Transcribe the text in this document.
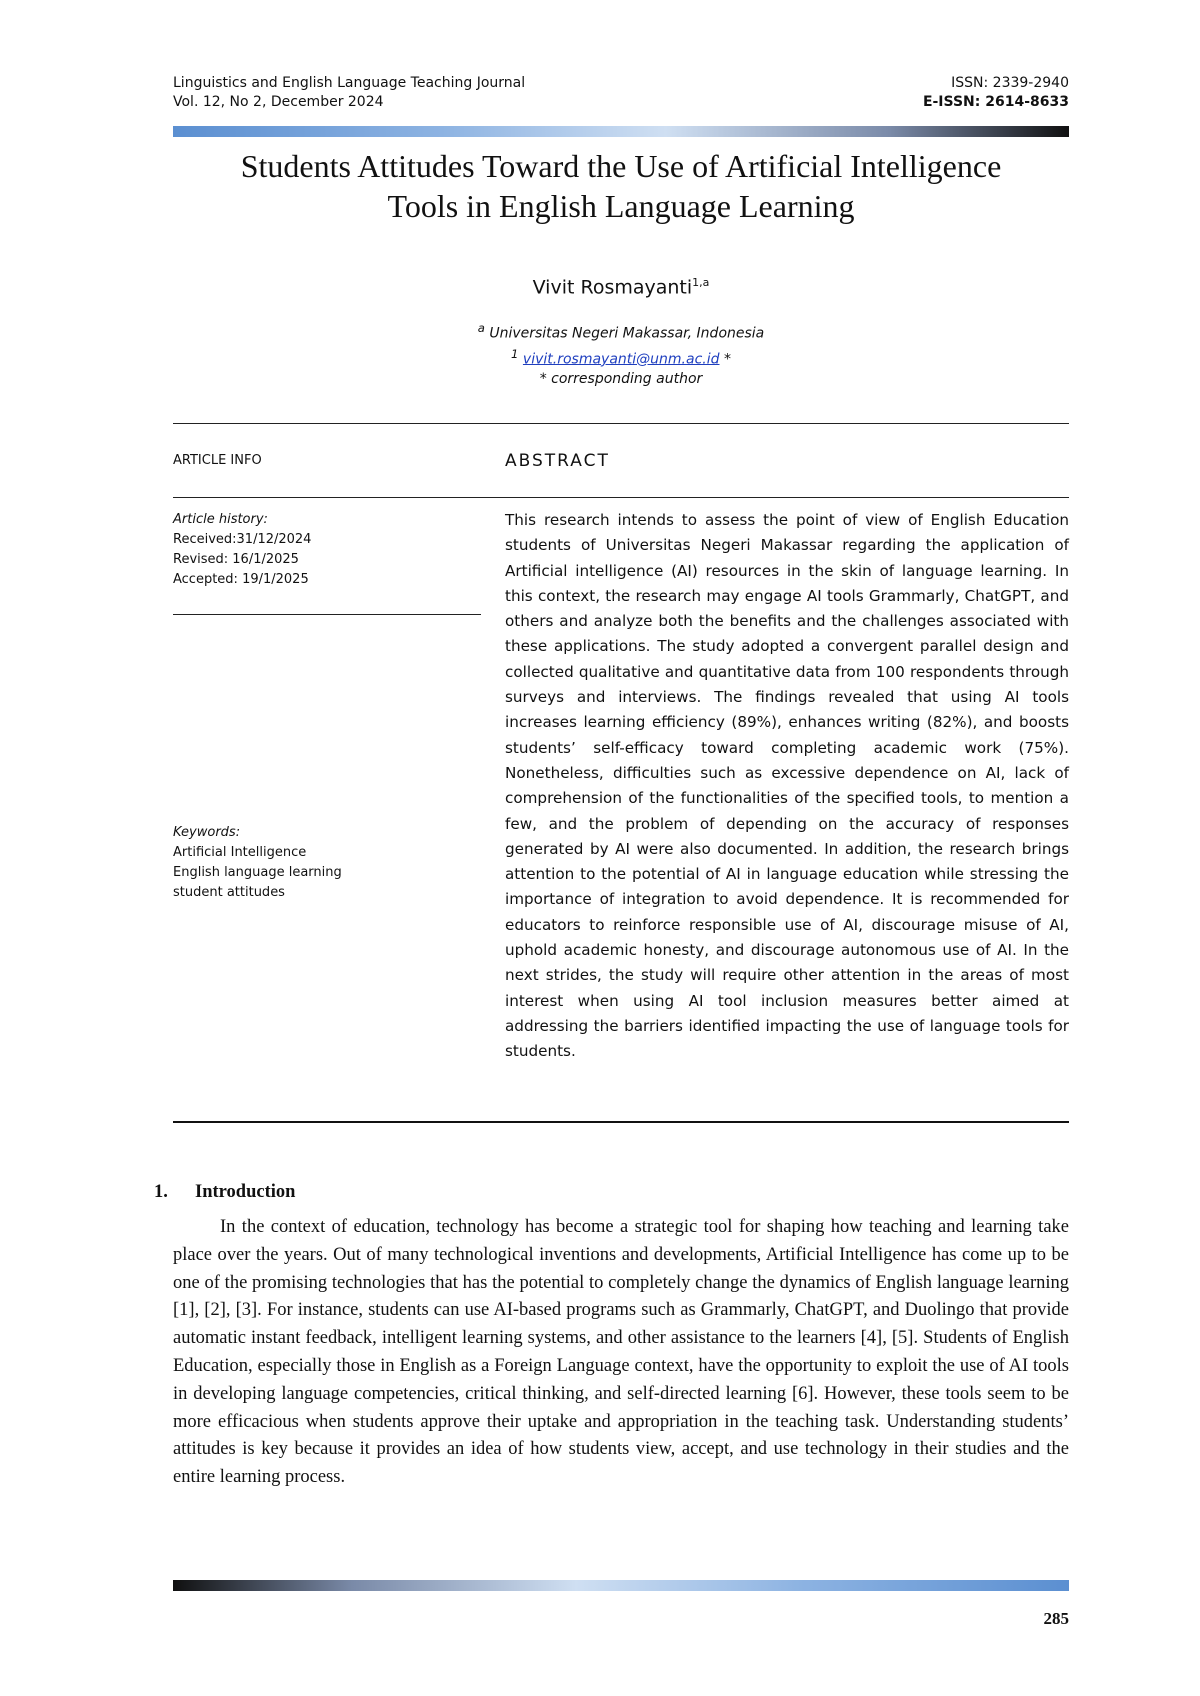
Linguistics and English Language Teaching Journal
Vol. 12, No 2, December 2024
ISSN: 2339-2940
E-ISSN: 2614-8633
Students Attitudes Toward the Use of Artificial Intelligence
Tools in English Language Learning
Vivit Rosmayanti$^{1,a}$
$^a$ Universitas Negeri Makassar, Indonesia
$^1$ vivit.rosmayanti@unm.ac.id *
* corresponding author
ARTICLE INFO	ABSTRACT
Article history:
Received:31/12/2024
Revised: 16/1/2025
Accepted: 19/1/2025
Keywords:
Artificial Intelligence
English language learning
student attitudes
This research intends to assess the point of view of English Education students of Universitas Negeri Makassar regarding the application of Artificial intelligence (AI) resources in the skin of language learning. In this context, the research may engage AI tools Grammarly, ChatGPT, and others and analyze both the benefits and the challenges associated with these applications. The study adopted a convergent parallel design and collected qualitative and quantitative data from 100 respondents through surveys and interviews. The findings revealed that using AI tools increases learning efficiency (89%), enhances writing (82%), and boosts students’ self-efficacy toward completing academic work (75%). Nonetheless, difficulties such as excessive dependence on AI, lack of comprehension of the functionalities of the specified tools, to mention a few, and the problem of depending on the accuracy of responses generated by AI were also documented. In addition, the research brings attention to the potential of AI in language education while stressing the importance of integration to avoid dependence. It is recommended for educators to reinforce responsible use of AI, discourage misuse of AI, uphold academic honesty, and discourage autonomous use of AI. In the next strides, the study will require other attention in the areas of most interest when using AI tool inclusion measures better aimed at addressing the barriers identified impacting the use of language tools for students.
1. Introduction
In the context of education, technology has become a strategic tool for shaping how teaching and learning take place over the years. Out of many technological inventions and developments, Artificial Intelligence has come up to be one of the promising technologies that has the potential to completely change the dynamics of English language learning [1], [2], [3]. For instance, students can use AI-based programs such as Grammarly, ChatGPT, and Duolingo that provide automatic instant feedback, intelligent learning systems, and other assistance to the learners [4], [5]. Students of English Education, especially those in English as a Foreign Language context, have the opportunity to exploit the use of AI tools in developing language competencies, critical thinking, and self-directed learning [6]. However, these tools seem to be more efficacious when students approve their uptake and appropriation in the teaching task. Understanding students’ attitudes is key because it provides an idea of how students view, accept, and use technology in their studies and the entire learning process.
285
